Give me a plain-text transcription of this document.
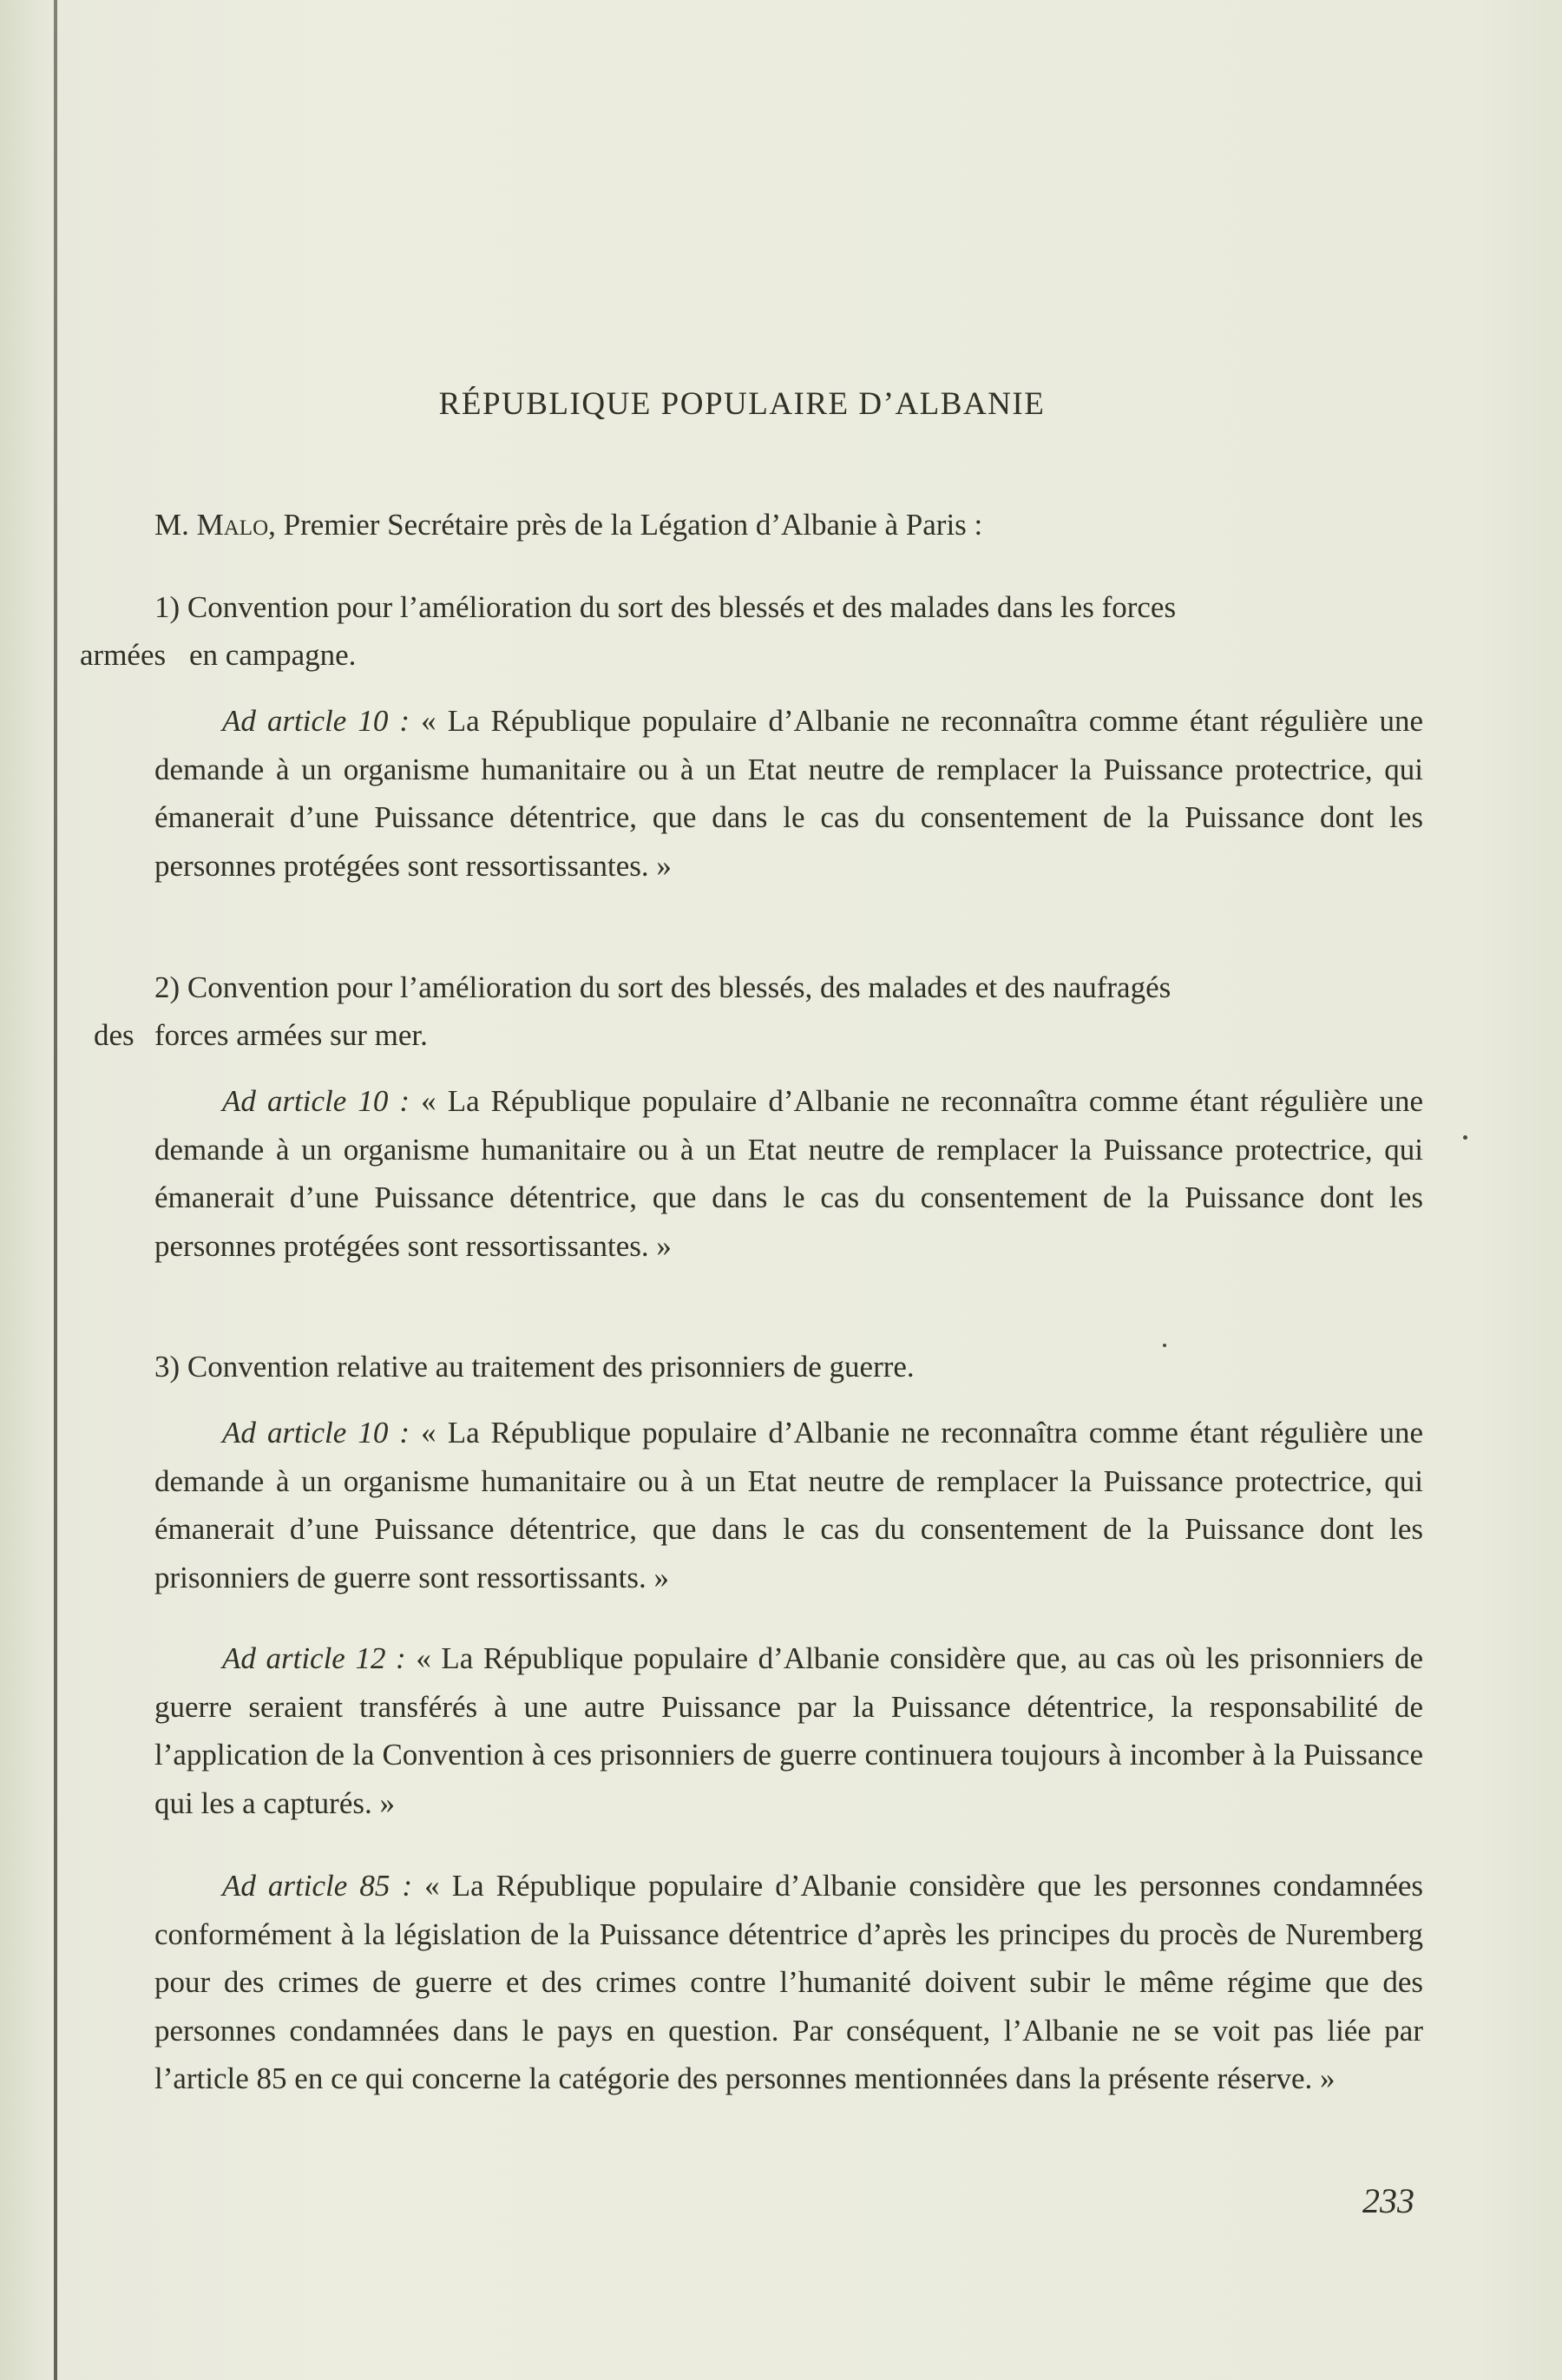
RÉPUBLIQUE POPULAIRE D’ALBANIE
M. Malo, Premier Secrétaire près de la Légation d’Albanie à Paris :
1) Convention pour l’amélioration du sort des blessés et des malades dans les forces
armées en campagne.
Ad article 10 : « La République populaire d’Albanie ne reconnaîtra comme étant régulière une demande à un organisme humanitaire ou à un Etat neutre de remplacer la Puissance protectrice, qui émanerait d’une Puissance détentrice, que dans le cas du consentement de la Puissance dont les personnes protégées sont ressortissantes. »
2) Convention pour l’amélioration du sort des blessés, des malades et des naufragés
des forces armées sur mer.
Ad article 10 : « La République populaire d’Albanie ne reconnaîtra comme étant régulière une demande à un organisme humanitaire ou à un Etat neutre de remplacer la Puissance protectrice, qui émanerait d’une Puissance détentrice, que dans le cas du consentement de la Puissance dont les personnes protégées sont ressortissantes. »
3) Convention relative au traitement des prisonniers de guerre.
Ad article 10 : « La République populaire d’Albanie ne reconnaîtra comme étant régulière une demande à un organisme humanitaire ou à un Etat neutre de remplacer la Puissance protectrice, qui émanerait d’une Puissance détentrice, que dans le cas du consentement de la Puissance dont les prisonniers de guerre sont ressortissants. »
Ad article 12 : « La République populaire d’Albanie considère que, au cas où les prisonniers de guerre seraient transférés à une autre Puissance par la Puissance détentrice, la responsabilité de l’application de la Convention à ces prisonniers de guerre continuera toujours à incomber à la Puissance qui les a capturés. »
Ad article 85 : « La République populaire d’Albanie considère que les personnes condamnées conformément à la législation de la Puissance détentrice d’après les principes du procès de Nuremberg pour des crimes de guerre et des crimes contre l’humanité doivent subir le même régime que des personnes condamnées dans le pays en question. Par conséquent, l’Albanie ne se voit pas liée par l’article 85 en ce qui concerne la catégorie des personnes mentionnées dans la présente réserve. »
233
